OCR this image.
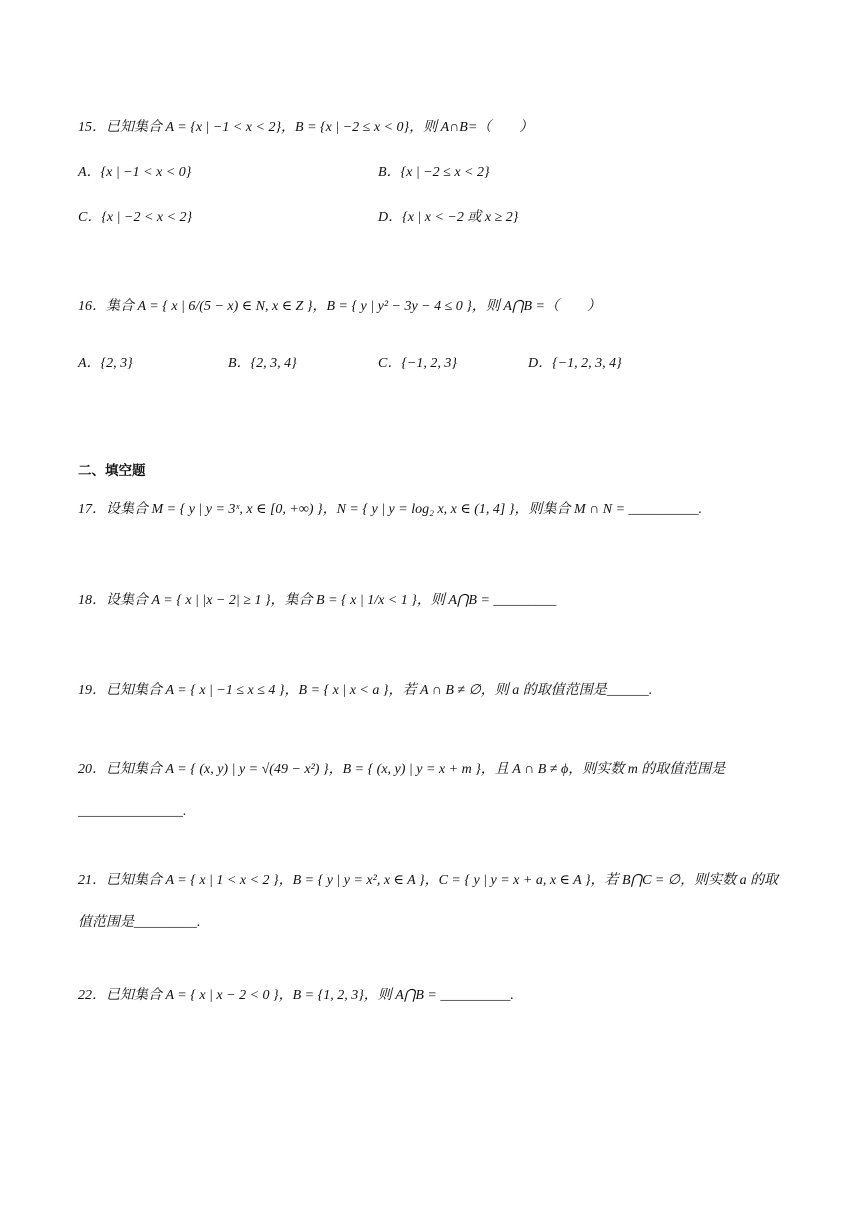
15．已知集合 A = {x | −1 < x < 2}，B = {x | −2 ≤ x < 0}，则 A∩B=（　　）
A．{x | −1 < x < 0}	B．{x | −2 ≤ x < 2}
C．{x | −2 < x < 2}	D．{x | x < −2 或 x ≥ 2}
16．集合 A = { x | 6/(5 − x) ∈ N, x ∈ Z }，B = { y | y² − 3y − 4 ≤ 0 }，则 A⋂B =（　　）
A．{2, 3}	B．{2, 3, 4}	C．{−1, 2, 3}	D．{−1, 2, 3, 4}
二、填空题
17．设集合 M = { y | y = 3ˣ, x ∈ [0, +∞) }，N = { y | y = log₂ x, x ∈ (1, 4] }，则集合 M ∩ N = __________.
18．设集合 A = { x | |x − 2| ≥ 1 }，集合 B = { x | 1/x < 1 }，则 A⋂B = _________
19．已知集合 A = { x | −1 ≤ x ≤ 4 }，B = { x | x < a }，若 A ∩ B ≠ ∅，则 a 的取值范围是______.
20．已知集合 A = { (x, y) | y = √(49 − x²) }，B = { (x, y) | y = x + m }，且 A ∩ B ≠ ϕ，则实数 m 的取值范围是
_______________.
21．已知集合 A = { x | 1 < x < 2 }，B = { y | y = x², x ∈ A }，C = { y | y = x + a, x ∈ A }，若 B⋂C = ∅，则实数 a 的取
值范围是_________.
22．已知集合 A = { x | x − 2 < 0 }，B = {1, 2, 3}，则 A⋂B = __________.
